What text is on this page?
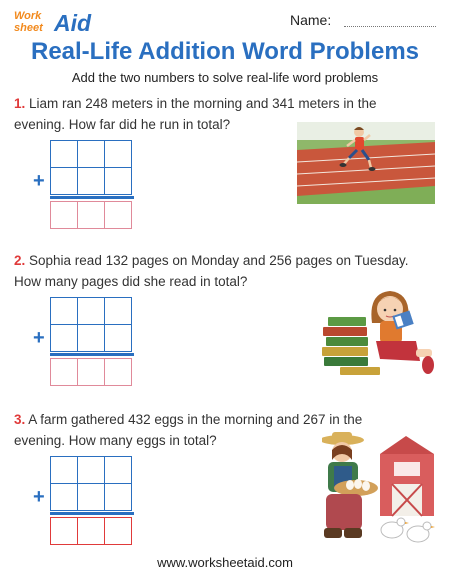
Work
sheet Aid	Name:
Real-Life Addition Word Problems
Add the two numbers to solve real-life word problems
1. Liam ran 248 meters in the morning and 341 meters in the evening. How far did he run in total?
+
2. Sophia read 132 pages on Monday and 256 pages on Tuesday. How many pages did she read in total?
+
3. A farm gathered 432 eggs in the morning and 267 in the evening. How many eggs in total?
+
www.worksheetaid.com
